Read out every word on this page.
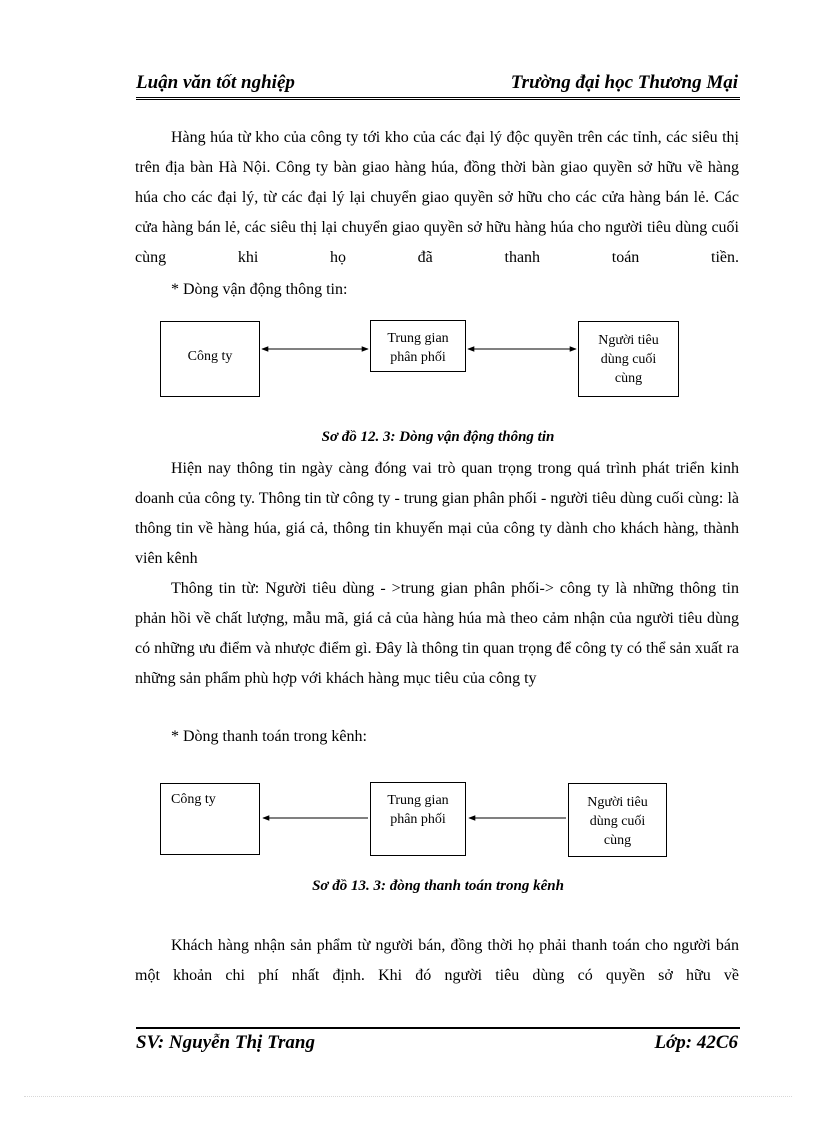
Luận văn tốt nghiệp	Trường đại học Thương Mại

Hàng húa từ kho của công ty tới kho của các đại lý độc quyền trên các tỉnh, các siêu thị trên địa bàn Hà Nội. Công ty bàn giao hàng húa, đồng thời bàn giao quyền sở hữu về hàng húa cho các đại lý, từ các đại lý lại chuyển giao quyền sở hữu cho các cửa hàng bán lẻ. Các cửa hàng bán lẻ, các siêu thị lại chuyển giao quyền sở hữu hàng húa cho người tiêu dùng cuối cùng khi họ đã thanh toán tiền.

* Dòng vận động thông tin:
Công ty
Trung gian
phân phối
Người tiêu
dùng cuối
cùng
Công ty	Trung gian
phân phối
Người tiêu
dùng cuối
cùng
Sơ đồ 12. 3: Dòng vận động thông tin

Hiện nay thông tin ngày càng đóng vai trò quan trọng trong quá trình phát triển kinh doanh của công ty. Thông tin từ công ty - trung gian phân phối - người tiêu dùng cuối cùng: là thông tin về hàng húa, giá cả, thông tin khuyến mại của công ty dành cho khách hàng, thành viên kênh

Thông tin từ: Người tiêu dùng - >trung gian phân phối-> công ty là những thông tin phản hồi về chất lượng, mẫu mã, giá cả của hàng húa mà theo cảm nhận của người tiêu dùng có những ưu điểm và nhược điểm gì. Đây là thông tin quan trọng để công ty có thể sản xuất ra những sản phẩm phù hợp với khách hàng mục tiêu của công ty

* Dòng thanh toán trong kênh:
Sơ đồ 13. 3: đòng thanh toán trong kênh

Khách hàng nhận sản phẩm từ người bán, đồng thời họ phải thanh toán cho người bán một khoản chi phí nhất định. Khi đó người tiêu dùng có quyền sở hữu về

SV: Nguyễn Thị Trang	Lớp: 42C6
